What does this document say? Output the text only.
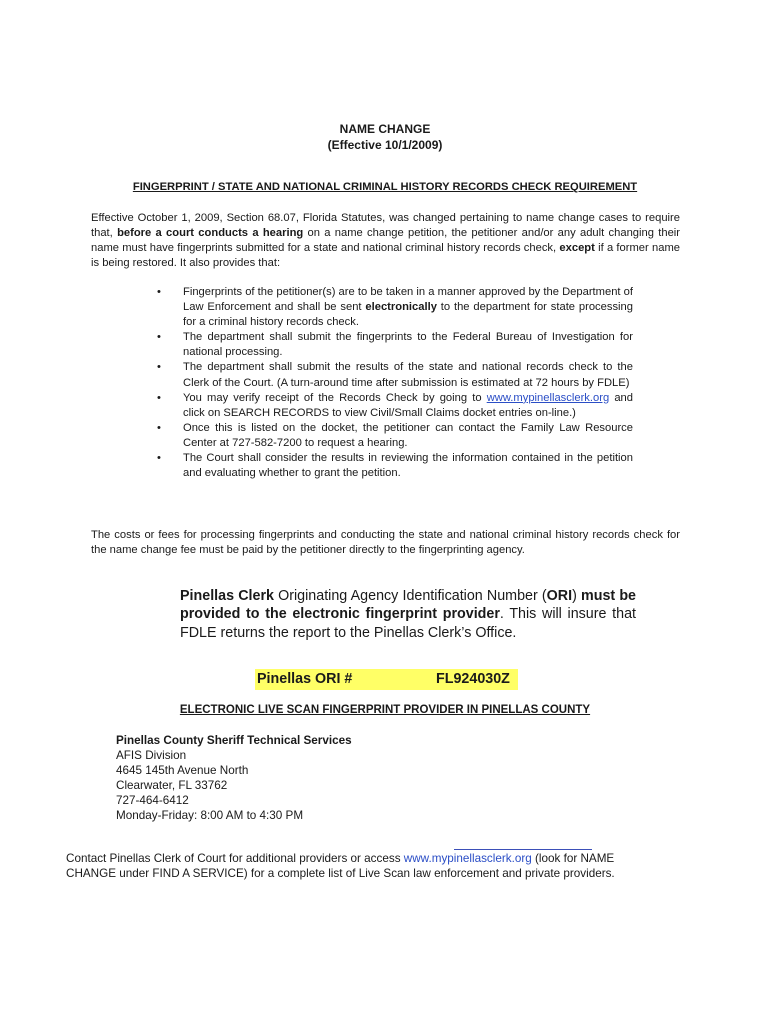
NAME CHANGE
(Effective 10/1/2009)
FINGERPRINT / STATE AND NATIONAL CRIMINAL HISTORY RECORDS CHECK REQUIREMENT
Effective October 1, 2009, Section 68.07, Florida Statutes, was changed pertaining to name change cases to require that, before a court conducts a hearing on a name change petition, the petitioner and/or any adult changing their name must have fingerprints submitted for a state and national criminal history records check, except if a former name is being restored. It also provides that:
• Fingerprints of the petitioner(s) are to be taken in a manner approved by the Department of Law Enforcement and shall be sent electronically to the department for state processing for a criminal history records check.
• The department shall submit the fingerprints to the Federal Bureau of Investigation for national processing.
• The department shall submit the results of the state and national records check to the Clerk of the Court. (A turn-around time after submission is estimated at 72 hours by FDLE)
• You may verify receipt of the Records Check by going to www.mypinellasclerk.org and click on SEARCH RECORDS to view Civil/Small Claims docket entries on-line.)
• Once this is listed on the docket, the petitioner can contact the Family Law Resource Center at 727-582-7200 to request a hearing.
• The Court shall consider the results in reviewing the information contained in the petition and evaluating whether to grant the petition.
The costs or fees for processing fingerprints and conducting the state and national criminal history records check for the name change fee must be paid by the petitioner directly to the fingerprinting agency.
Pinellas Clerk Originating Agency Identification Number (ORI) must be provided to the electronic fingerprint provider. This will insure that FDLE returns the report to the Pinellas Clerk’s Office.
Pinellas ORI #	FL924030Z
ELECTRONIC LIVE SCAN FINGERPRINT PROVIDER IN PINELLAS COUNTY
Pinellas County Sheriff Technical Services
AFIS Division
4645 145th Avenue North
Clearwater, FL 33762
727-464-6412
Monday-Friday: 8:00 AM to 4:30 PM
Contact Pinellas Clerk of Court for additional providers or access www.mypinellasclerk.org (look for NAME CHANGE under FIND A SERVICE) for a complete list of Live Scan law enforcement and private providers.
